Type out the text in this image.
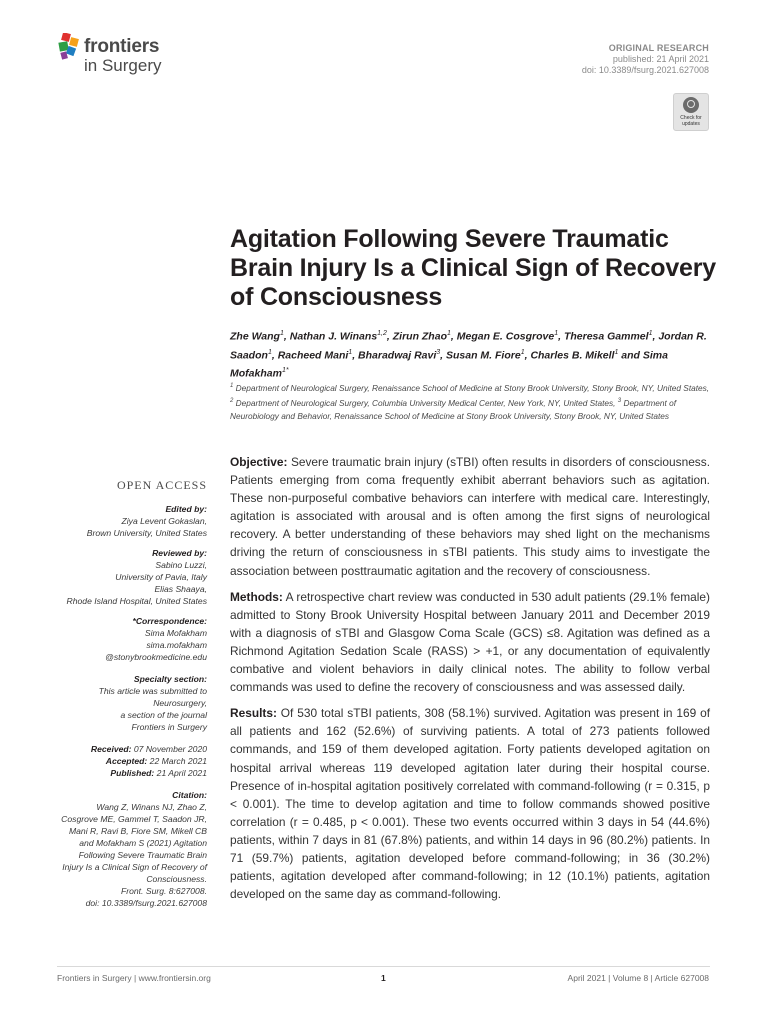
frontiers
in Surgery
ORIGINAL RESEARCH
published: 21 April 2021
doi: 10.3389/fsurg.2021.627008
Check for updates
Agitation Following Severe Traumatic Brain Injury Is a Clinical Sign of Recovery of Consciousness
Zhe Wang$^1$, Nathan J. Winans$^{1,2}$, Zirun Zhao$^1$, Megan E. Cosgrove$^1$, Theresa Gammel$^1$, Jordan R. Saadon$^1$, Racheed Mani$^1$, Bharadwaj Ravi$^3$, Susan M. Fiore$^1$, Charles B. Mikell$^1$ and Sima Mofakham$^{1*}$
$^1$ Department of Neurological Surgery, Renaissance School of Medicine at Stony Brook University, Stony Brook, NY, United States, $^2$ Department of Neurological Surgery, Columbia University Medical Center, New York, NY, United States, $^3$ Department of Neurobiology and Behavior, Renaissance School of Medicine at Stony Brook University, Stony Brook, NY, United States
OPEN ACCESS
Edited by:
Ziya Levent Gokaslan,
Brown University, United States
Reviewed by:
Sabino Luzzi,
University of Pavia, Italy
Elias Shaaya,
Rhode Island Hospital, United States
*Correspondence:
Sima Mofakham
sima.mofakham
@stonybrookmedicine.edu
Specialty section:
This article was submitted to
Neurosurgery,
a section of the journal
Frontiers in Surgery
Received: 07 November 2020
Accepted: 22 March 2021
Published: 21 April 2021
Citation:
Wang Z, Winans NJ, Zhao Z,
Cosgrove ME, Gammel T, Saadon JR,
Mani R, Ravi B, Fiore SM, Mikell CB
and Mofakham S (2021) Agitation
Following Severe Traumatic Brain
Injury Is a Clinical Sign of Recovery of
Consciousness.
Front. Surg. 8:627008.
doi: 10.3389/fsurg.2021.627008

Objective: Severe traumatic brain injury (sTBI) often results in disorders of consciousness. Patients emerging from coma frequently exhibit aberrant behaviors such as agitation. These non-purposeful combative behaviors can interfere with medical care. Interestingly, agitation is associated with arousal and is often among the first signs of neurological recovery. A better understanding of these behaviors may shed light on the mechanisms driving the return of consciousness in sTBI patients. This study aims to investigate the association between posttraumatic agitation and the recovery of consciousness.

Methods: A retrospective chart review was conducted in 530 adult patients (29.1% female) admitted to Stony Brook University Hospital between January 2011 and December 2019 with a diagnosis of sTBI and Glasgow Coma Scale (GCS) ≤8. Agitation was defined as a Richmond Agitation Sedation Scale (RASS) > +1, or any documentation of equivalently combative and violent behaviors in daily clinical notes. The ability to follow verbal commands was used to define the recovery of consciousness and was assessed daily.

Results: Of 530 total sTBI patients, 308 (58.1%) survived. Agitation was present in 169 of all patients and 162 (52.6%) of surviving patients. A total of 273 patients followed commands, and 159 of them developed agitation. Forty patients developed agitation on hospital arrival whereas 119 developed agitation later during their hospital course. Presence of in-hospital agitation positively correlated with command-following (r = 0.315, p < 0.001). The time to develop agitation and time to follow commands showed positive correlation (r = 0.485, p < 0.001). These two events occurred within 3 days in 54 (44.6%) patients, within 7 days in 81 (67.8%) patients, and within 14 days in 96 (80.2%) patients. In 71 (59.7%) patients, agitation developed before command-following; in 36 (30.2%) patients, agitation developed after command-following; in 12 (10.1%) patients, agitation developed on the same day as command-following.

Frontiers in Surgery | www.frontiersin.org	1	April 2021 | Volume 8 | Article 627008
